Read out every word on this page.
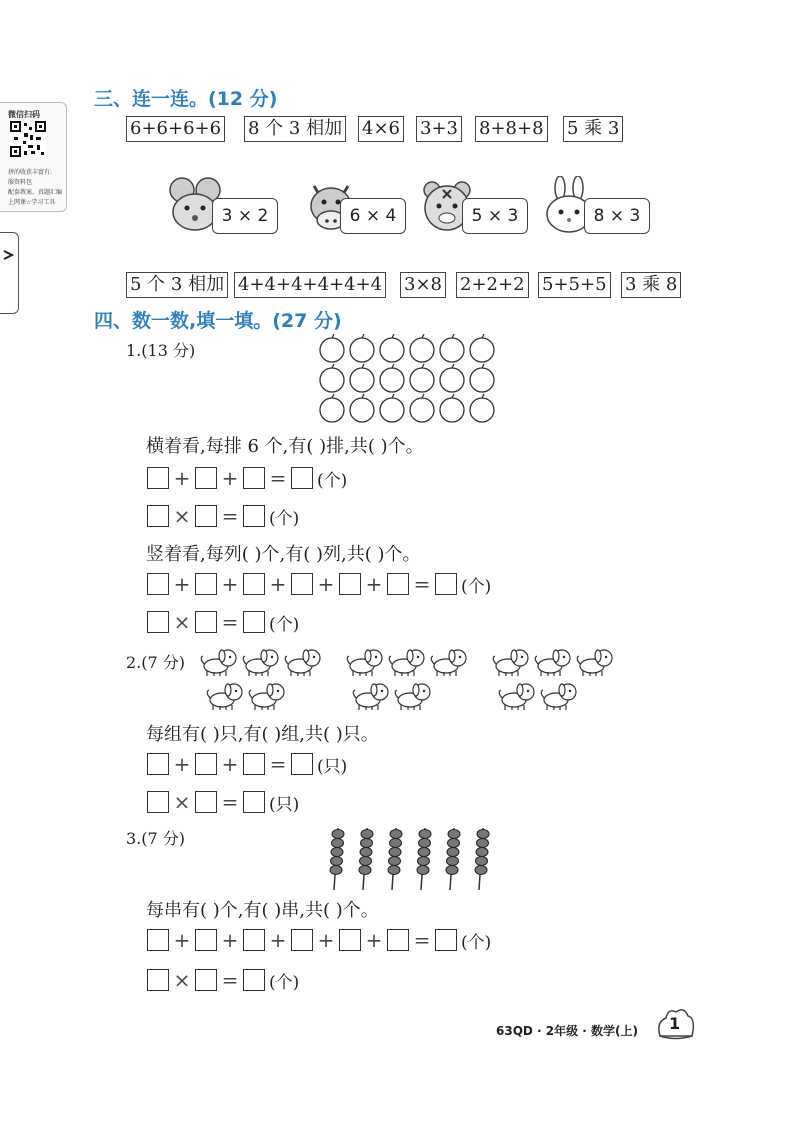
微信扫码
拼的收获丰富有:
服资料包
配套教案、真题汇编
上网课☆学习工具
三、连一连。(12 分)
6+6+6+6 8 个 3 相加 4×6 3+3 8+8+8 5 乘 3
3 × 2	6 × 4	5 × 3	8 × 3
5 个 3 相加 4+4+4+4+4+4 3×8 2+2+2 5+5+5 3 乘 8
四、数一数,填一填。(27 分)
1.(13 分)
横着看,每排 6 个,有( )排,共( )个。
+ + = (个)
× = (个)
竖着看,每列( )个,有( )列,共( )个。
+ + + + + = (个)
× = (个)
2.(7 分)
每组有( )只,有( )组,共( )只。
+ + = (只)
× = (只)
3.(7 分)
每串有( )个,有( )串,共( )个。
+ + + + + = (个)
× = (个)
63QD · 2年级 · 数学(上) 1
